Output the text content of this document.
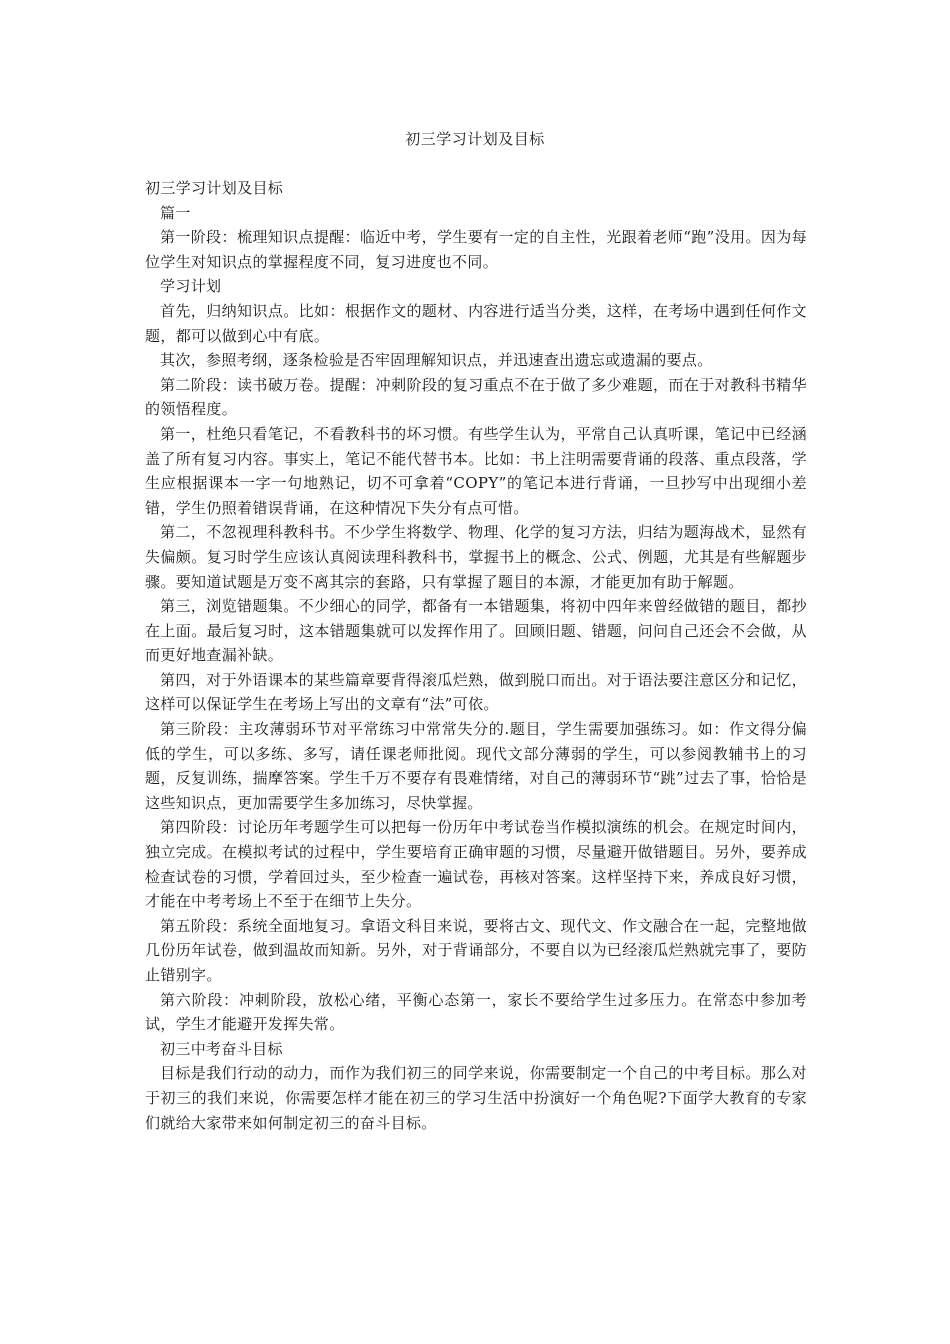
初三学习计划及目标

初三学习计划及目标

篇一

第一阶段：梳理知识点提醒：临近中考，学生要有一定的自主性，光跟着老师“跑”没用。因为每位学生对知识点的掌握程度不同，复习进度也不同。

学习计划

首先，归纳知识点。比如：根据作文的题材、内容进行适当分类，这样，在考场中遇到任何作文题，都可以做到心中有底。

其次，参照考纲，逐条检验是否牢固理解知识点，并迅速查出遗忘或遗漏的要点。

第二阶段：读书破万卷。提醒：冲刺阶段的复习重点不在于做了多少难题，而在于对教科书精华的领悟程度。

第一，杜绝只看笔记，不看教科书的坏习惯。有些学生认为，平常自己认真听课，笔记中已经涵盖了所有复习内容。事实上，笔记不能代替书本。比如：书上注明需要背诵的段落、重点段落，学生应根据课本一字一句地熟记，切不可拿着“COPY”的笔记本进行背诵，一旦抄写中出现细小差错，学生仍照着错误背诵，在这种情况下失分有点可惜。

第二，不忽视理科教科书。不少学生将数学、物理、化学的复习方法，归结为题海战术，显然有失偏颇。复习时学生应该认真阅读理科教科书，掌握书上的概念、公式、例题，尤其是有些解题步骤。要知道试题是万变不离其宗的套路，只有掌握了题目的本源，才能更加有助于解题。

第三，浏览错题集。不少细心的同学，都备有一本错题集，将初中四年来曾经做错的题目，都抄在上面。最后复习时，这本错题集就可以发挥作用了。回顾旧题、错题，问问自己还会不会做，从而更好地查漏补缺。

第四，对于外语课本的某些篇章要背得滚瓜烂熟，做到脱口而出。对于语法要注意区分和记忆，这样可以保证学生在考场上写出的文章有“法”可依。

第三阶段：主攻薄弱环节对平常练习中常常失分的.题目，学生需要加强练习。如：作文得分偏低的学生，可以多练、多写，请任课老师批阅。现代文部分薄弱的学生，可以参阅教辅书上的习题，反复训练，揣摩答案。学生千万不要存有畏难情绪，对自己的薄弱环节“跳”过去了事，恰恰是这些知识点，更加需要学生多加练习，尽快掌握。

第四阶段：讨论历年考题学生可以把每一份历年中考试卷当作模拟演练的机会。在规定时间内，独立完成。在模拟考试的过程中，学生要培育正确审题的习惯，尽量避开做错题目。另外，要养成检查试卷的习惯，学着回过头，至少检查一遍试卷，再核对答案。这样坚持下来，养成良好习惯，才能在中考考场上不至于在细节上失分。

第五阶段：系统全面地复习。拿语文科目来说，要将古文、现代文、作文融合在一起，完整地做几份历年试卷，做到温故而知新。另外，对于背诵部分，不要自以为已经滚瓜烂熟就完事了，要防止错别字。

第六阶段：冲刺阶段，放松心绪，平衡心态第一，家长不要给学生过多压力。在常态中参加考试，学生才能避开发挥失常。

初三中考奋斗目标

目标是我们行动的动力，而作为我们初三的同学来说，你需要制定一个自己的中考目标。那么对于初三的我们来说，你需要怎样才能在初三的学习生活中扮演好一个角色呢?下面学大教育的专家们就给大家带来如何制定初三的奋斗目标。
